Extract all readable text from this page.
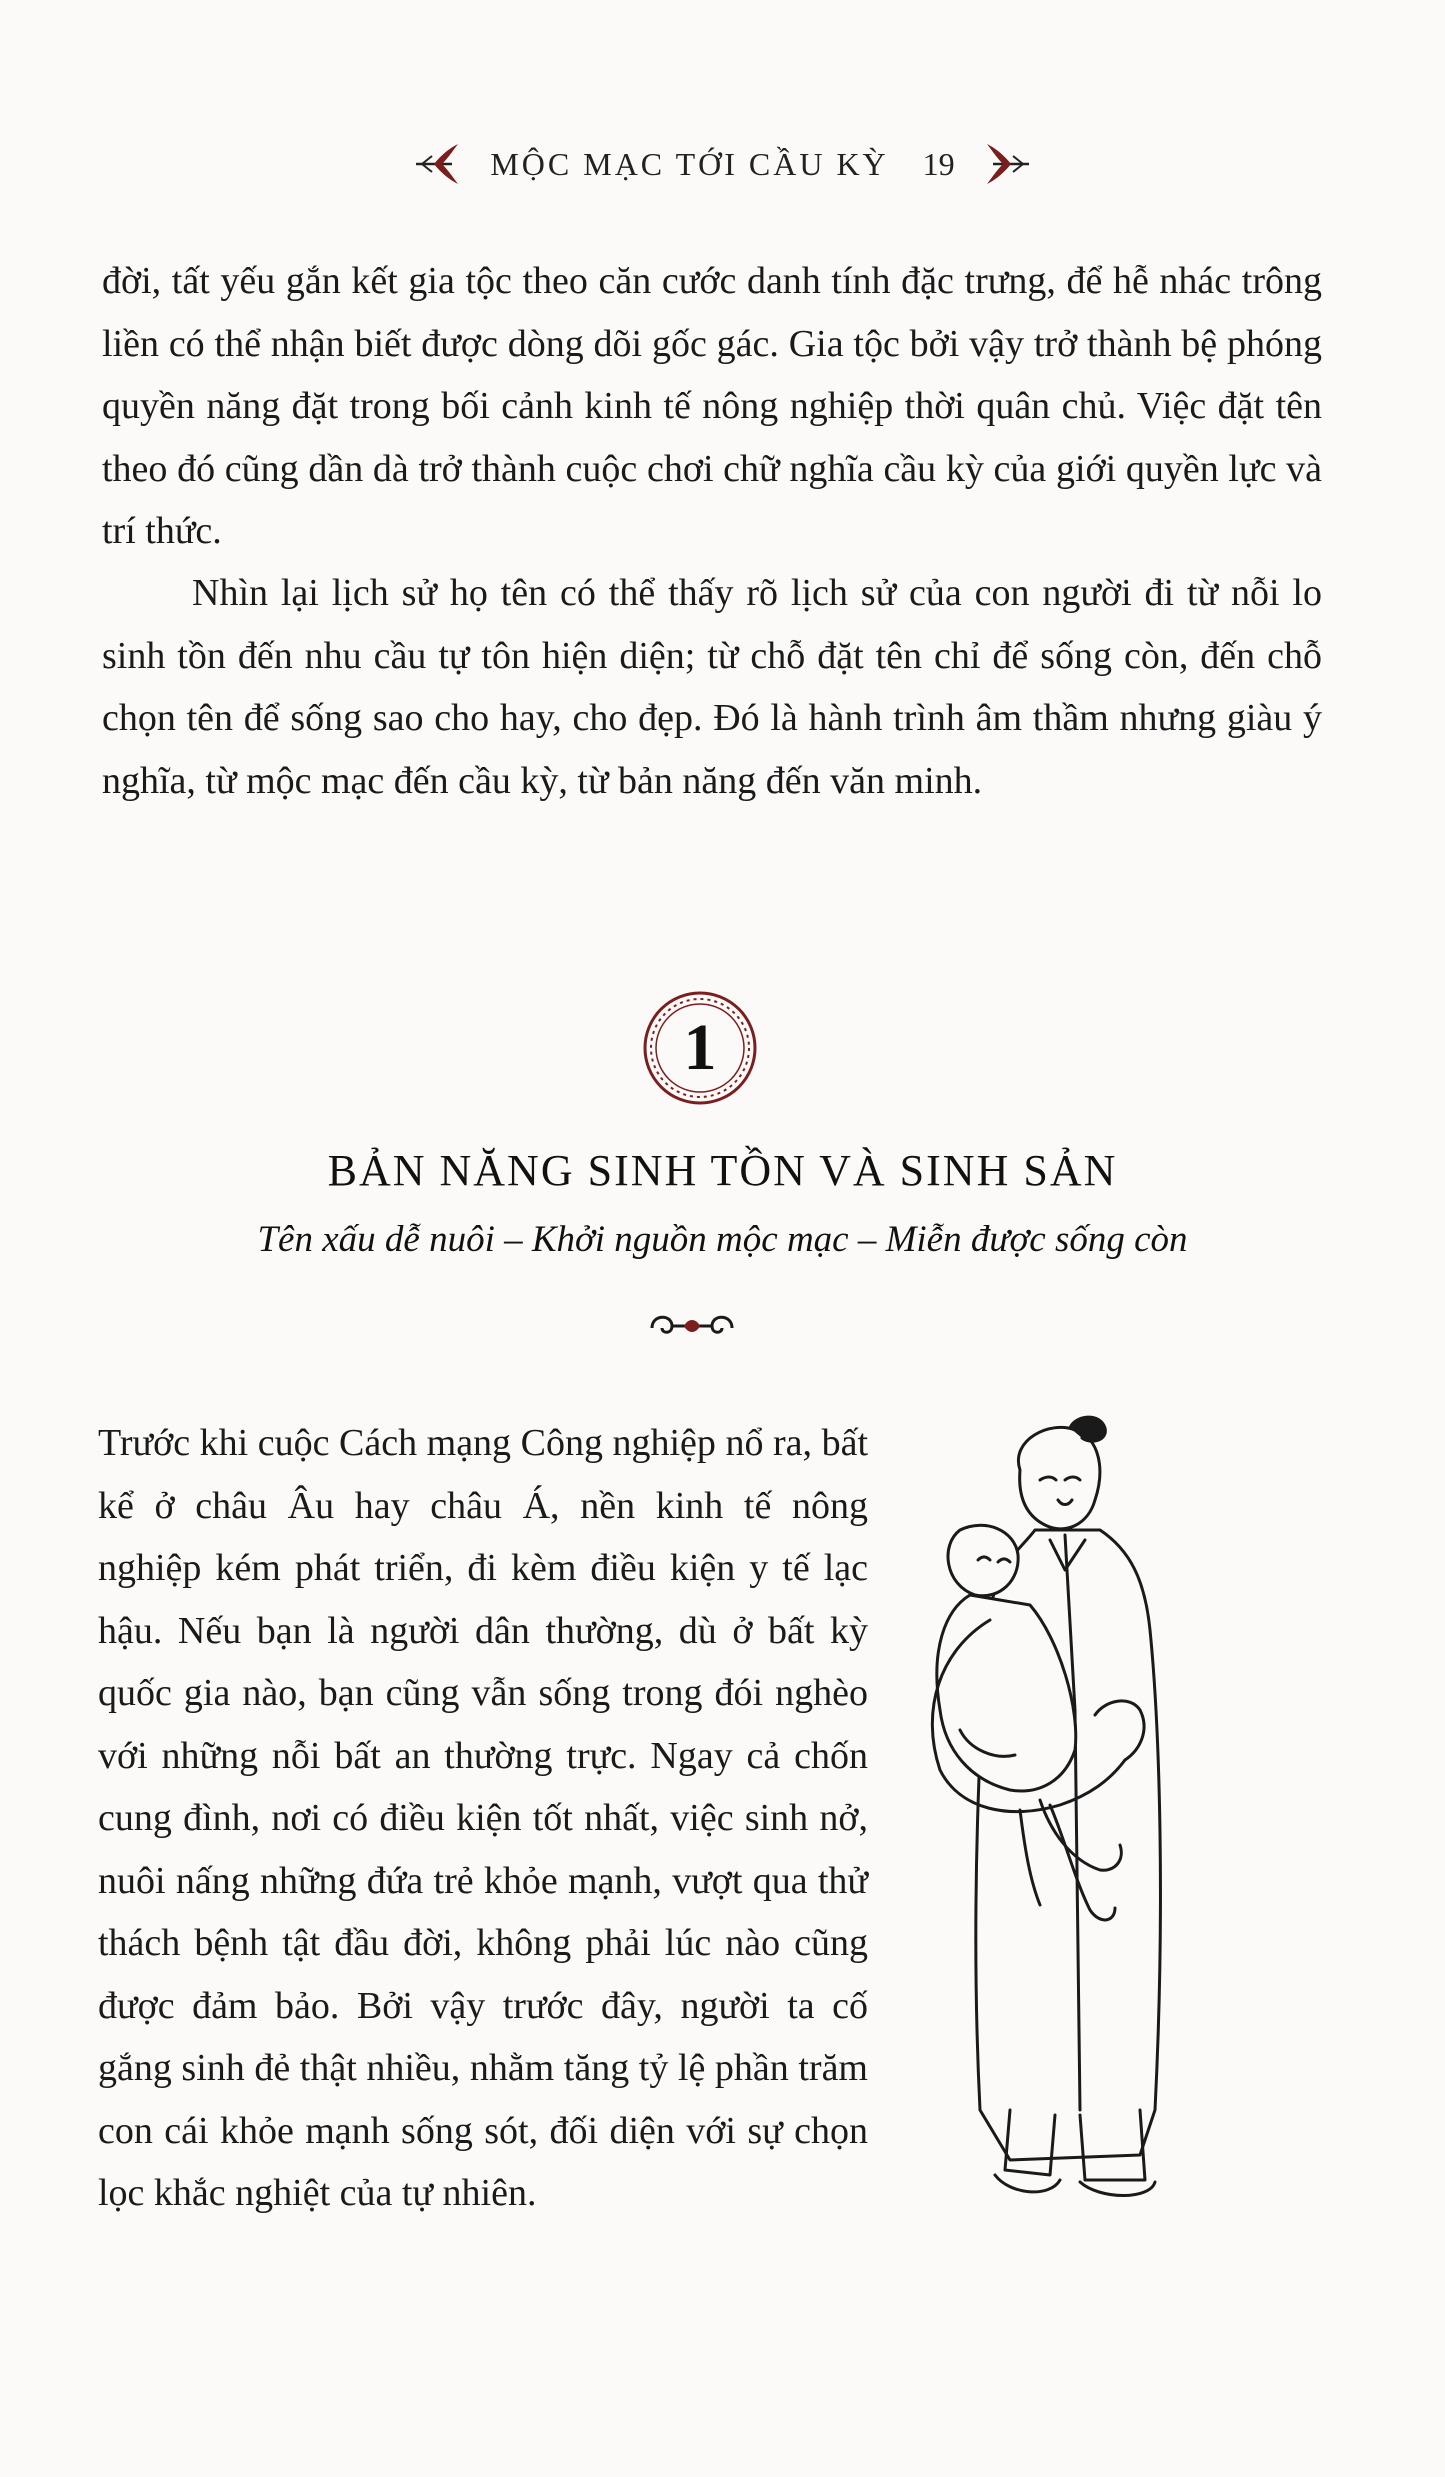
MỘC MẠC TỚI CẦU KỲ 19

đời, tất yếu gắn kết gia tộc theo căn cước danh tính đặc trưng, để hễ nhác trông liền có thể nhận biết được dòng dõi gốc gác. Gia tộc bởi vậy trở thành bệ phóng quyền năng đặt trong bối cảnh kinh tế nông nghiệp thời quân chủ. Việc đặt tên theo đó cũng dần dà trở thành cuộc chơi chữ nghĩa cầu kỳ của giới quyền lực và trí thức.

Nhìn lại lịch sử họ tên có thể thấy rõ lịch sử của con người đi từ nỗi lo sinh tồn đến nhu cầu tự tôn hiện diện; từ chỗ đặt tên chỉ để sống còn, đến chỗ chọn tên để sống sao cho hay, cho đẹp. Đó là hành trình âm thầm nhưng giàu ý nghĩa, từ mộc mạc đến cầu kỳ, từ bản năng đến văn minh.

1
BẢN NĂNG SINH TỒN VÀ SINH SẢN

Tên xấu dễ nuôi – Khởi nguồn mộc mạc – Miễn được sống còn

Trước khi cuộc Cách mạng Công nghiệp nổ ra, bất kể ở châu Âu hay châu Á, nền kinh tế nông nghiệp kém phát triển, đi kèm điều kiện y tế lạc hậu. Nếu bạn là người dân thường, dù ở bất kỳ quốc gia nào, bạn cũng vẫn sống trong đói nghèo với những nỗi bất an thường trực. Ngay cả chốn cung đình, nơi có điều kiện tốt nhất, việc sinh nở, nuôi nấng những đứa trẻ khỏe mạnh, vượt qua thử thách bệnh tật đầu đời, không phải lúc nào cũng được đảm bảo. Bởi vậy trước đây, người ta cố gắng sinh đẻ thật nhiều, nhằm tăng tỷ lệ phần trăm con cái khỏe mạnh sống sót, đối diện với sự chọn lọc khắc nghiệt của tự nhiên.
